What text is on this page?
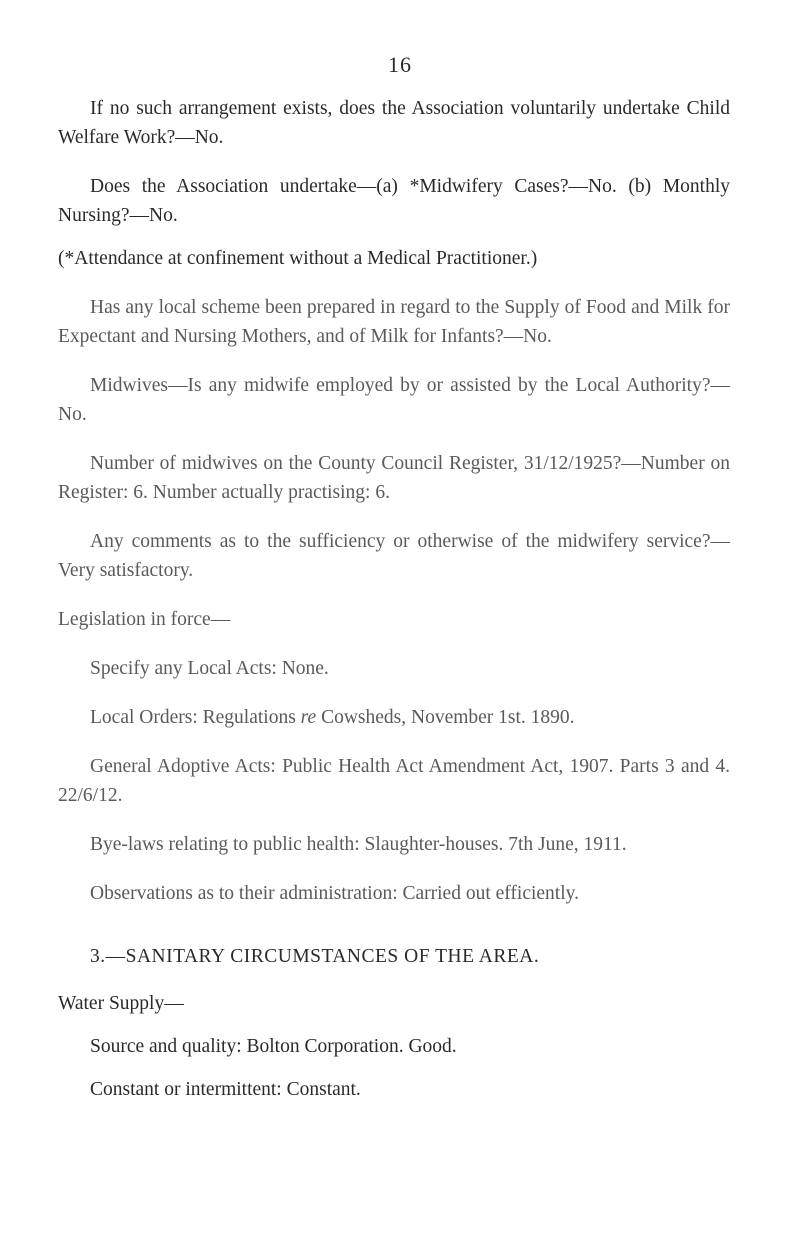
16

If no such arrangement exists, does the Association voluntarily undertake Child Welfare Work?—No.

Does the Association undertake—(a) *Midwifery Cases?—No. (b) Monthly Nursing?—No.

(*Attendance at confinement without a Medical Practitioner.)

Has any local scheme been prepared in regard to the Supply of Food and Milk for Expectant and Nursing Mothers, and of Milk for Infants?—No.

Midwives—Is any midwife employed by or assisted by the Local Authority?—No.

Number of midwives on the County Council Register, 31/12/1925?—Number on Register: 6. Number actually practising: 6.

Any comments as to the sufficiency or otherwise of the midwifery service?—Very satisfactory.

Legislation in force—

Specify any Local Acts: None.

Local Orders: Regulations re Cowsheds, November 1st. 1890.

General Adoptive Acts: Public Health Act Amendment Act, 1907. Parts 3 and 4. 22/6/12.

Bye-laws relating to public health: Slaughter-houses. 7th June, 1911.

Observations as to their administration: Carried out efficiently.

3.—SANITARY CIRCUMSTANCES OF THE AREA.

Water Supply—

Source and quality: Bolton Corporation. Good.

Constant or intermittent: Constant.
